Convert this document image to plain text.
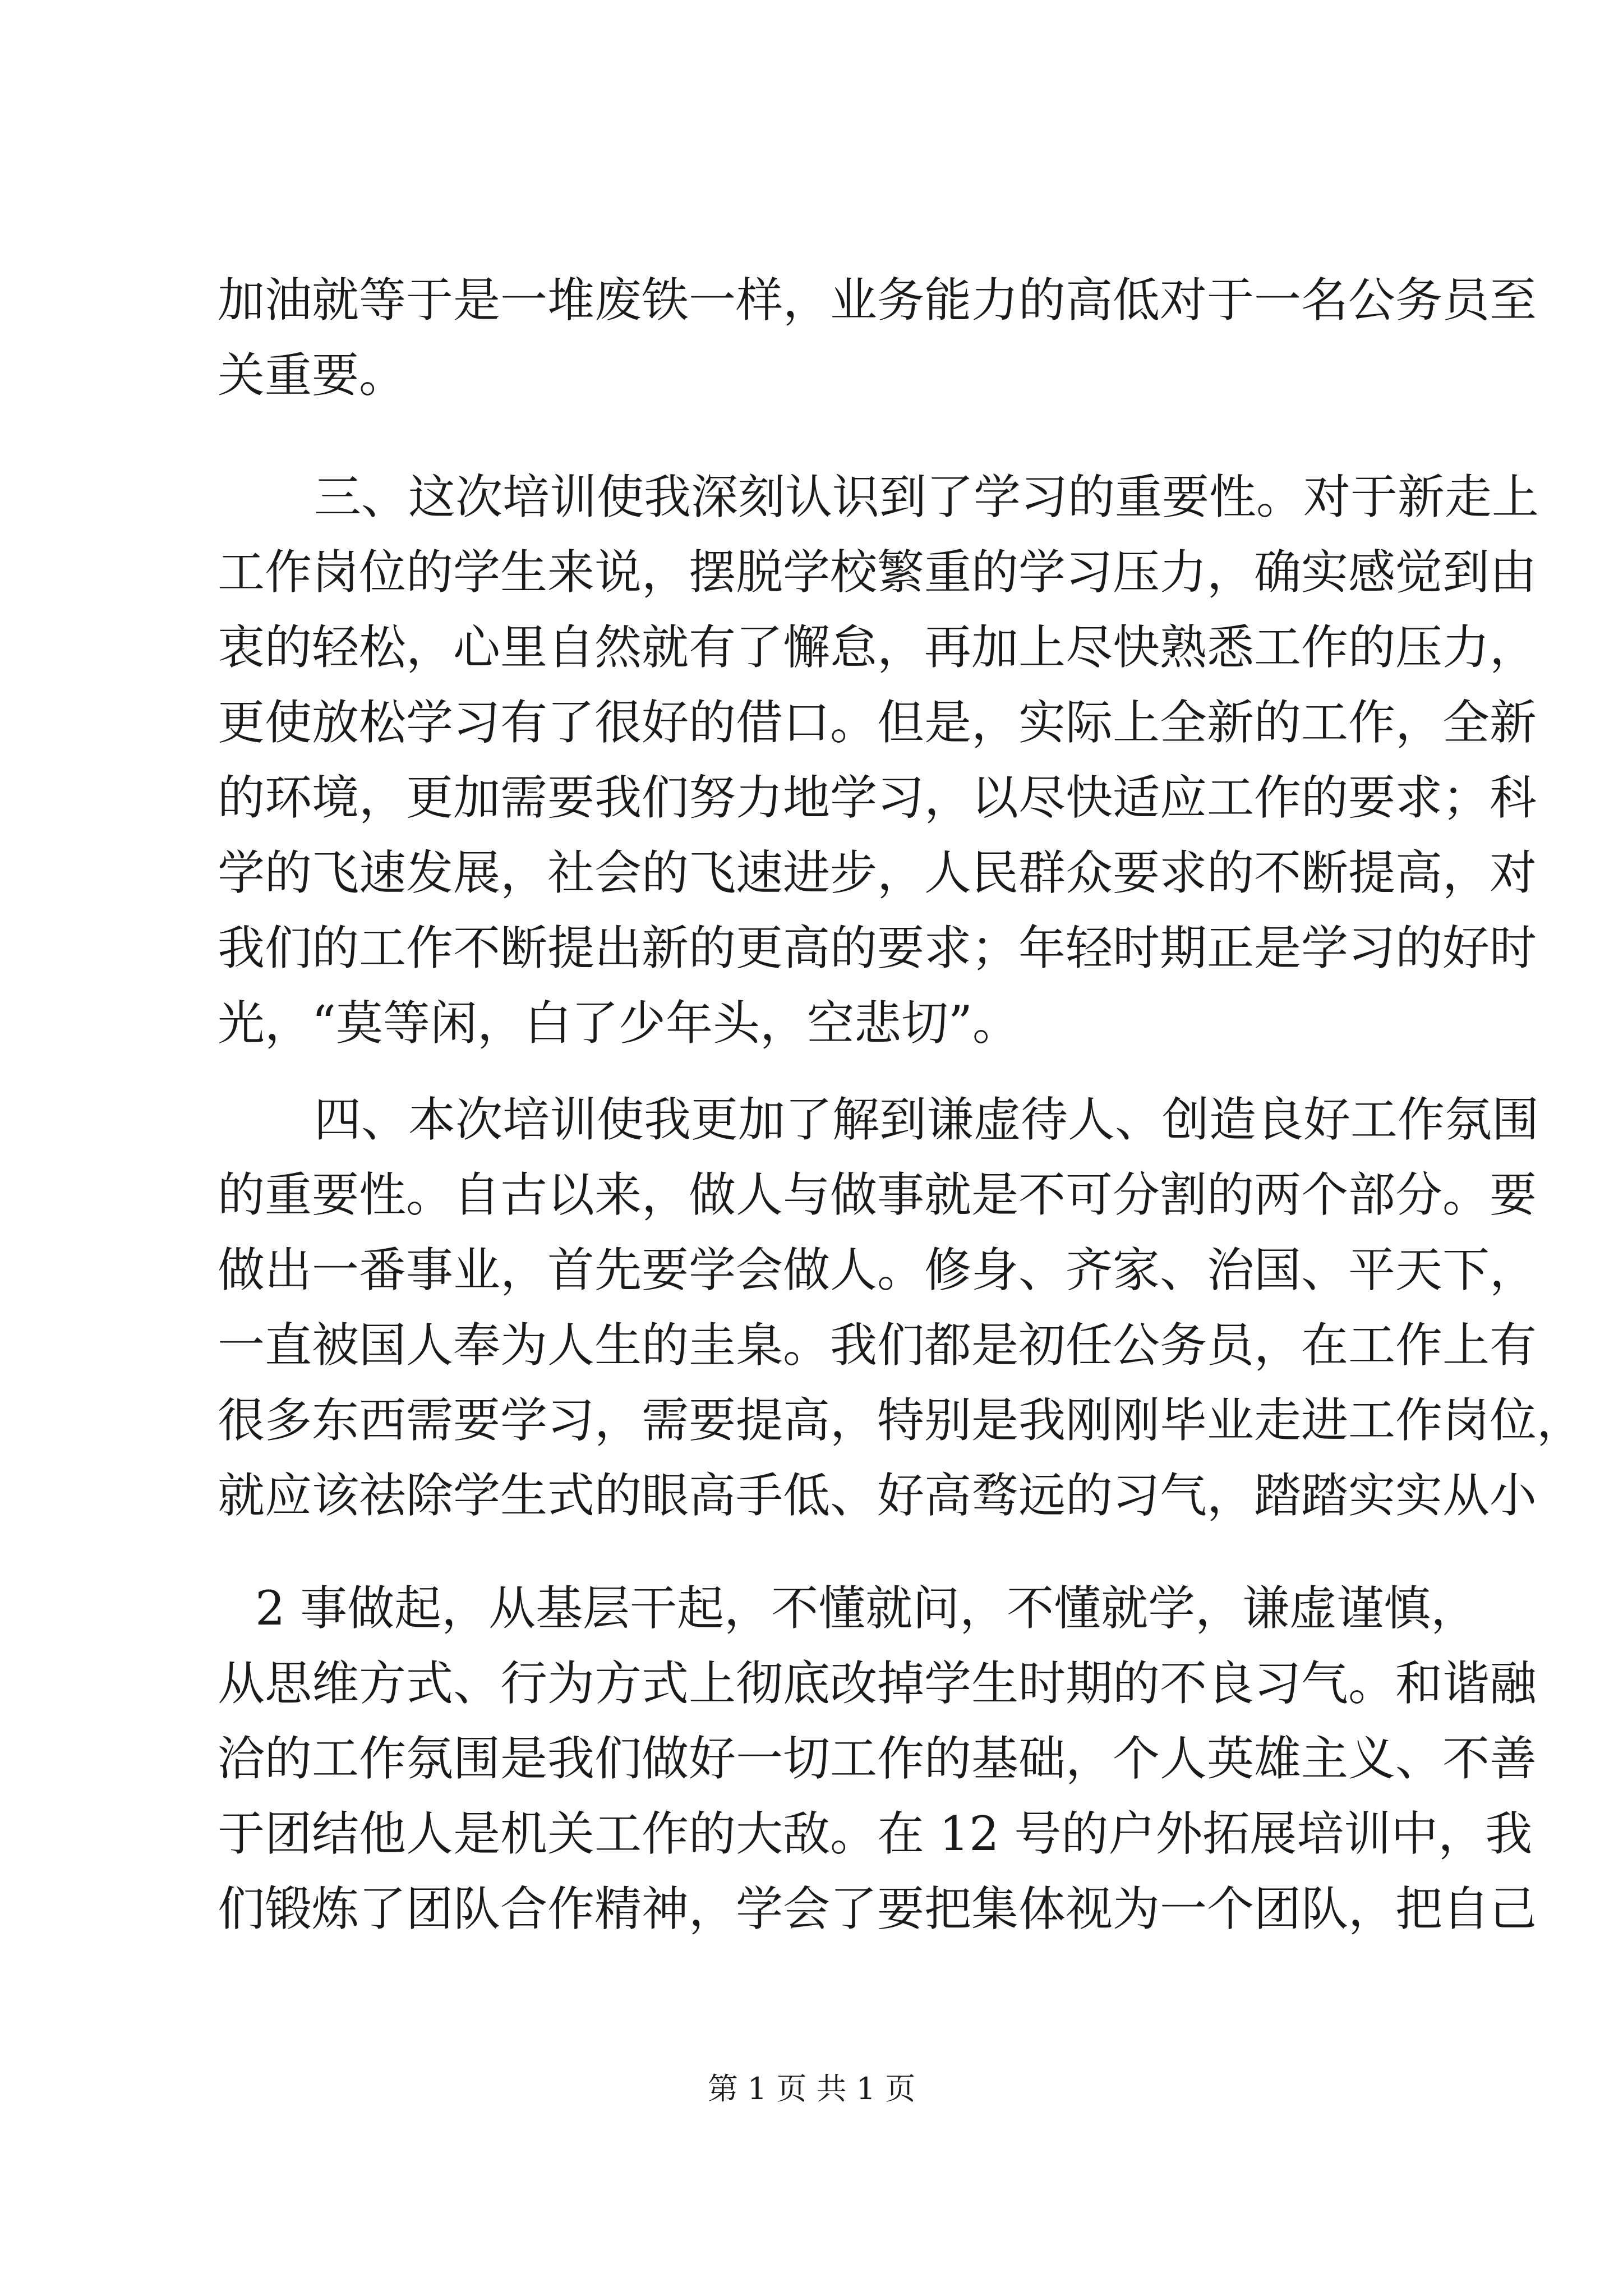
加油就等于是一堆废铁一样，业务能力的高低对于一名公务员至
关重要。
三、这次培训使我深刻认识到了学习的重要性。对于新走上
工作岗位的学生来说，摆脱学校繁重的学习压力，确实感觉到由
衷的轻松，心里自然就有了懈怠，再加上尽快熟悉工作的压力，
更使放松学习有了很好的借口。但是，实际上全新的工作，全新
的环境，更加需要我们努力地学习，以尽快适应工作的要求；科
学的飞速发展，社会的飞速进步，人民群众要求的不断提高，对
我们的工作不断提出新的更高的要求；年轻时期正是学习的好时
光，“莫等闲，白了少年头，空悲切”。
四、本次培训使我更加了解到谦虚待人、创造良好工作氛围
的重要性。自古以来，做人与做事就是不可分割的两个部分。要
做出一番事业，首先要学会做人。修身、齐家、治国、平天下，
一直被国人奉为人生的圭臬。我们都是初任公务员，在工作上有
很多东西需要学习，需要提高，特别是我刚刚毕业走进工作岗位，
就应该祛除学生式的眼高手低、好高骛远的习气，踏踏实实从小
2 事做起，从基层干起，不懂就问，不懂就学，谦虚谨慎，
从思维方式、行为方式上彻底改掉学生时期的不良习气。和谐融
洽的工作氛围是我们做好一切工作的基础，个人英雄主义、不善
于团结他人是机关工作的大敌。在 12 号的户外拓展培训中，我
们锻炼了团队合作精神，学会了要把集体视为一个团队，把自己
第 1 页 共 1 页
